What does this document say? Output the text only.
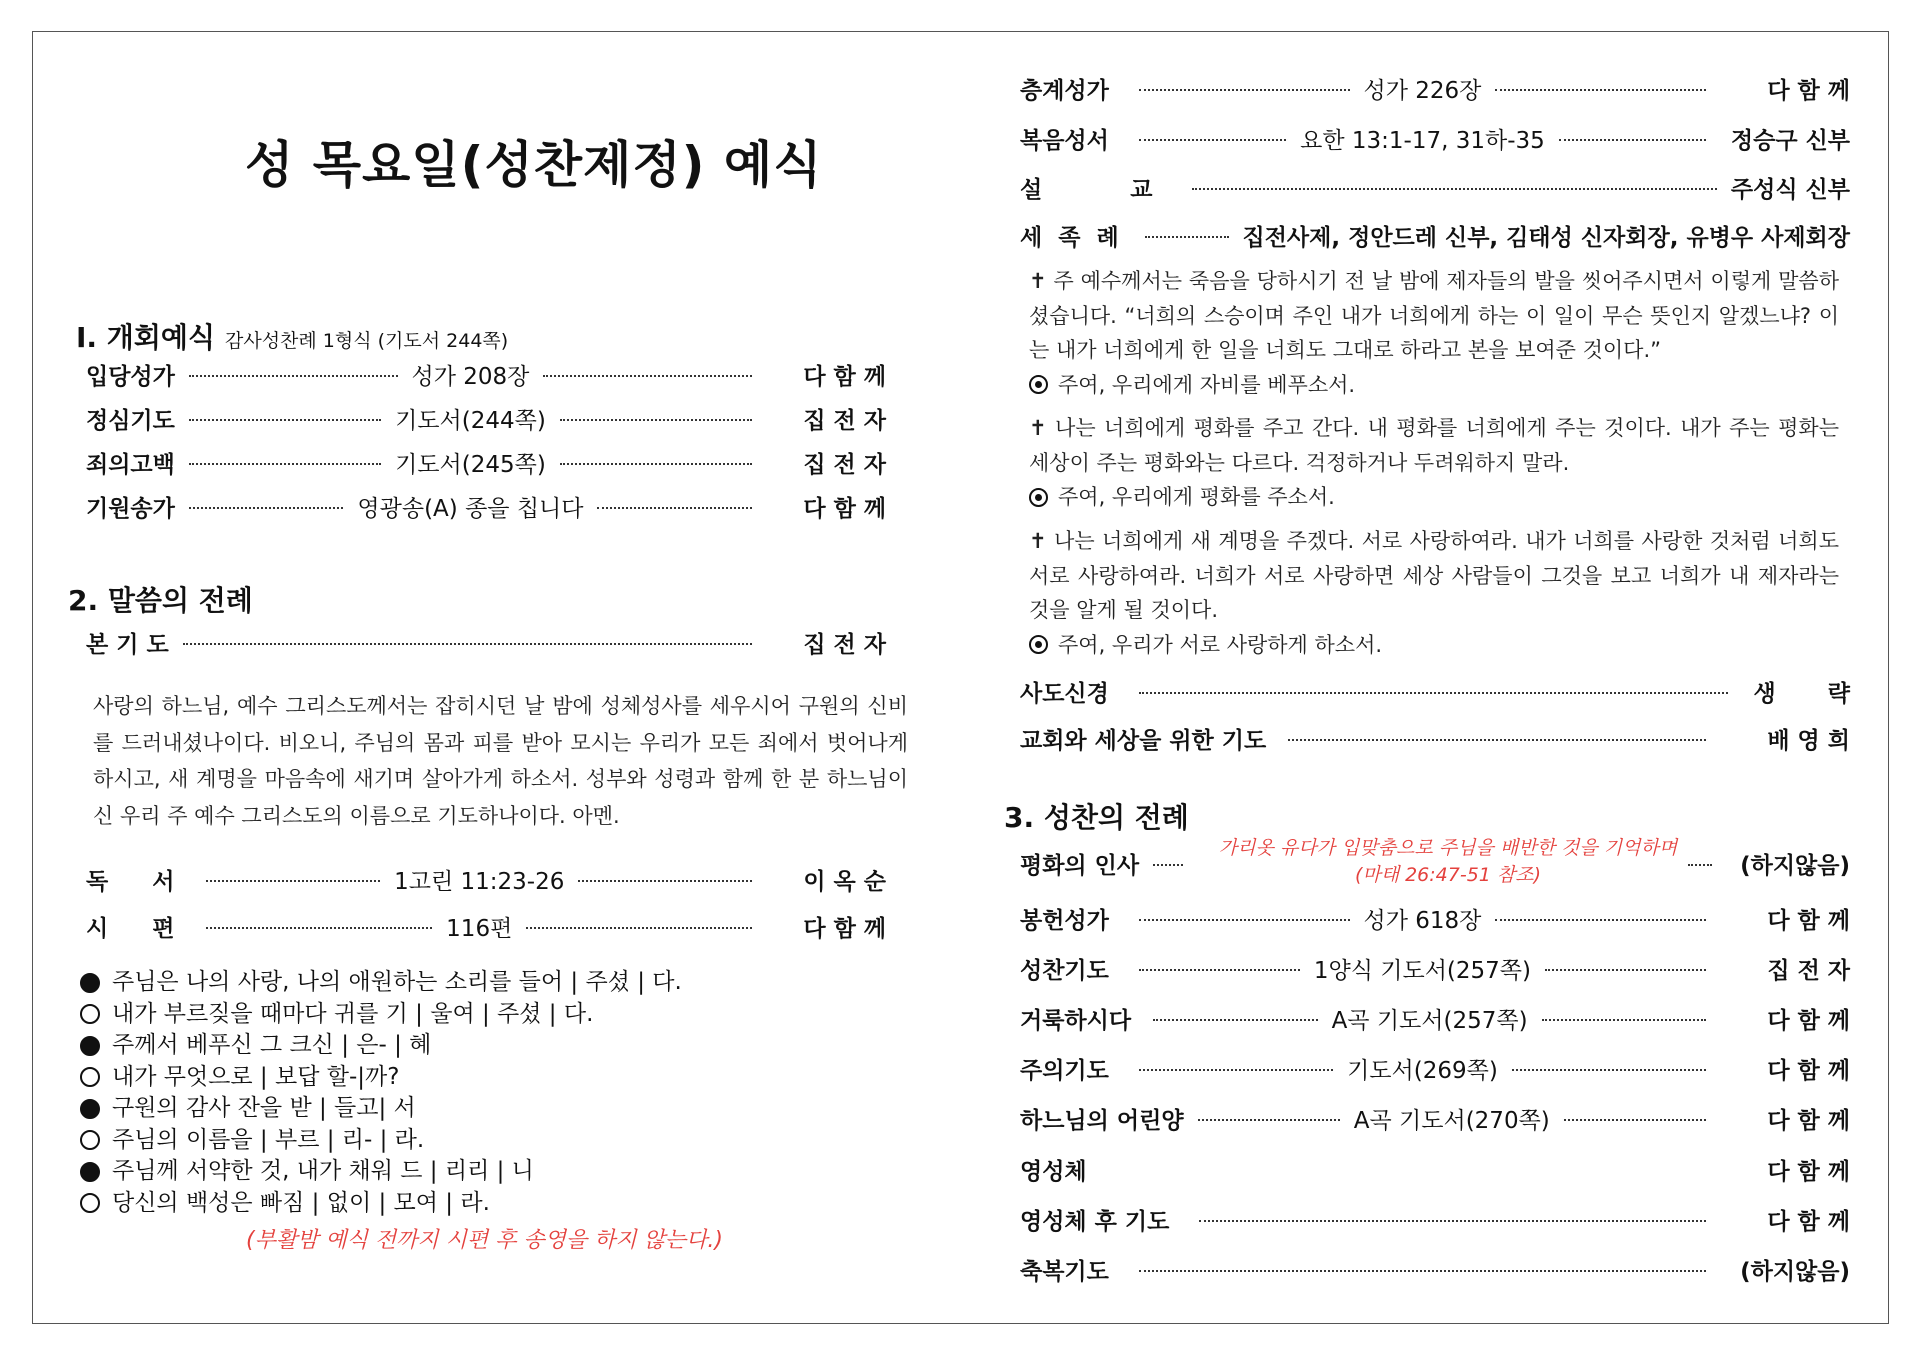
성 목요일(성찬제정) 예식
Ⅰ. 개회예식 감사성찬례 1형식 (기도서 244쪽)
입당성가	성가 208장	다 함 께
정심기도	기도서(244쪽)	집 전 자
죄의고백	기도서(245쪽)	집 전 자
기원송가	영광송(A) 종을 칩니다	다 함 께
2. 말씀의 전례
본 기 도	집 전 자
사랑의 하느님, 예수 그리스도께서는 잡히시던 날 밤에 성체성사를 세우시어 구원의 신비를 드러내셨나이다. 비오니, 주님의 몸과 피를 받아 모시는 우리가 모든 죄에서 벗어나게 하시고, 새 계명을 마음속에 새기며 살아가게 하소서. 성부와 성령과 함께 한 분 하느님이신 우리 주 예수 그리스도의 이름으로 기도하나이다. 아멘.
독 서	1고린 11:23-26	이 옥 순
시 편	116편	다 함 께
주님은 나의 사랑, 나의 애원하는 소리를 들어 | 주셨 | 다.
내가 부르짖을 때마다 귀를 기 | 울여 | 주셨 | 다.
주께서 베푸신 그 크신 | 은- | 혜
내가 무엇으로 | 보답 할-|까?
구원의 감사 잔을 받 | 들고| 서
주님의 이름을 | 부르 | 리- | 라.
주님께 서약한 것, 내가 채워 드 | 리리 | 니
당신의 백성은 빠짐 | 없이 | 모여 | 라.
(부활밤 예식 전까지 시편 후 송영을 하지 않는다.)
층계성가	성가 226장	다 함 께
복음성서	요한 13:1-17, 31하-35	정승구 신부
설 교	주성식 신부
세 족 례	집전사제, 정안드레 신부, 김태성 신자회장, 유병우 사제회장
✝ 주 예수께서는 죽음을 당하시기 전 날 밤에 제자들의 발을 씻어주시면서 이렇게 말씀하셨습니다. “너희의 스승이며 주인 내가 너희에게 하는 이 일이 무슨 뜻인지 알겠느냐? 이는 내가 너희에게 한 일을 너희도 그대로 하라고 본을 보여준 것이다.”
주여, 우리에게 자비를 베푸소서.
✝ 나는 너희에게 평화를 주고 간다. 내 평화를 너희에게 주는 것이다. 내가 주는 평화는 세상이 주는 평화와는 다르다. 걱정하거나 두려워하지 말라.
주여, 우리에게 평화를 주소서.
✝ 나는 너희에게 새 계명을 주겠다. 서로 사랑하여라. 내가 너희를 사랑한 것처럼 너희도 서로 사랑하여라. 너희가 서로 사랑하면 세상 사람들이 그것을 보고 너희가 내 제자라는 것을 알게 될 것이다.
주여, 우리가 서로 사랑하게 하소서.
사도신경	생 략
교회와 세상을 위한 기도	배 영 희
3. 성찬의 전례
평화의 인사	(하지않음)
가리옷 유다가 입맞춤으로 주님을 배반한 것을 기억하며
(마태 26:47-51 참조)
봉헌성가	성가 618장	다 함 께
성찬기도	1양식 기도서(257쪽)	집 전 자
거룩하시다	A곡 기도서(257쪽)	다 함 께
주의기도	기도서(269쪽)	다 함 께
하느님의 어린양	A곡 기도서(270쪽)	다 함 께
영성체	다 함 께
영성체 후 기도	다 함 께
축복기도	(하지않음)
